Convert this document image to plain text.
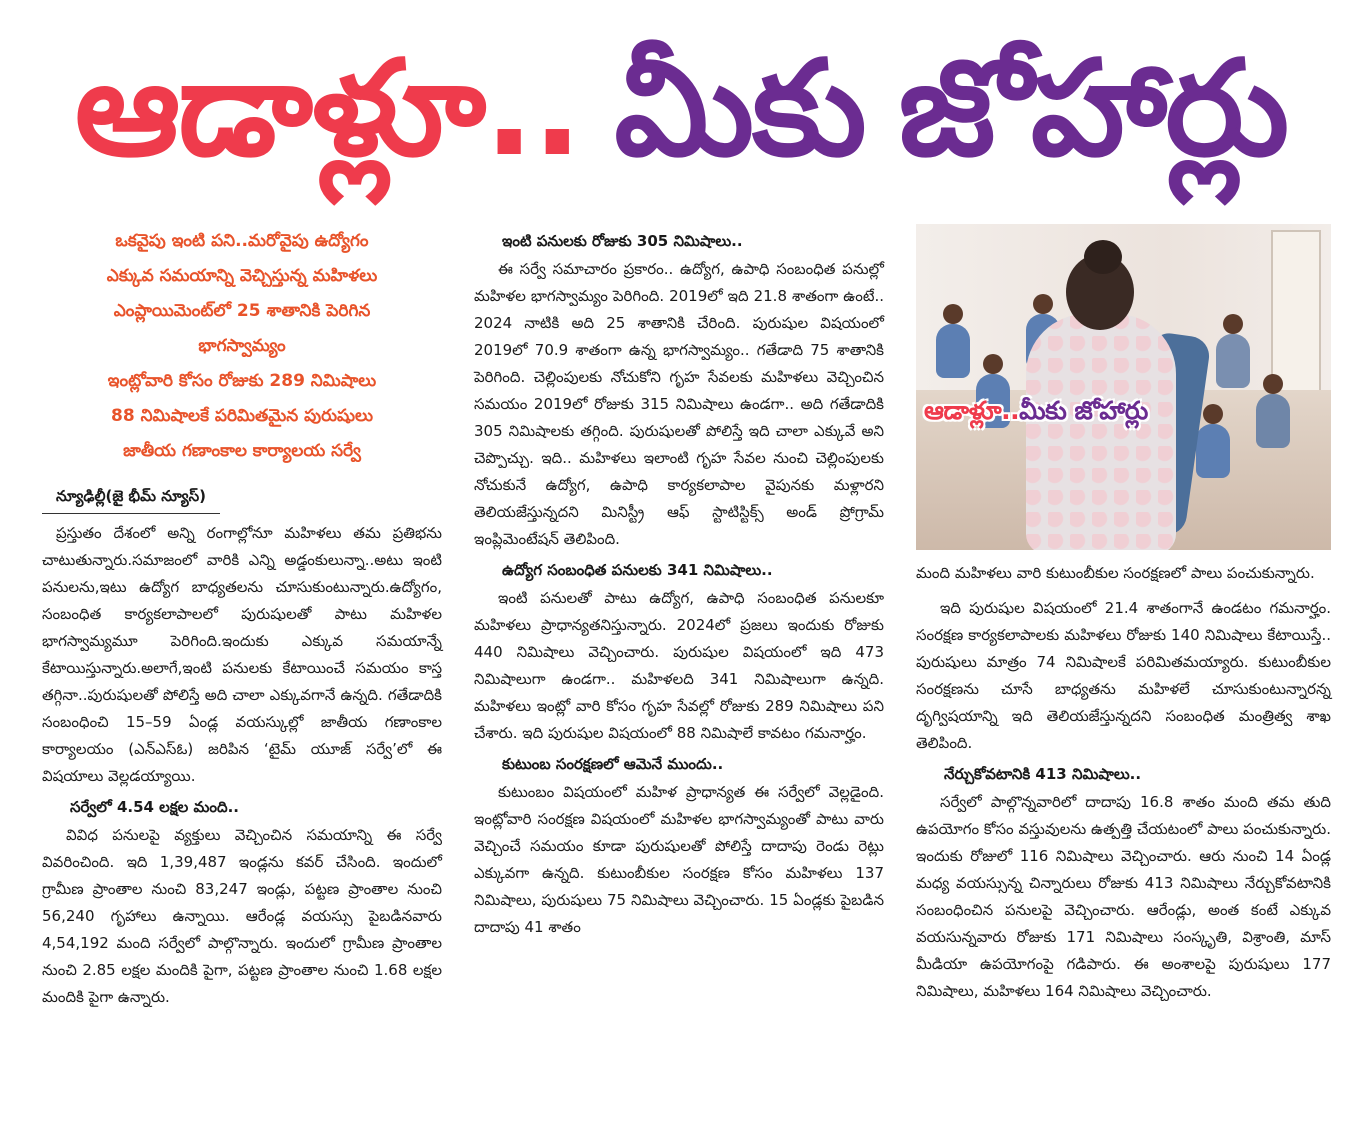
ఆడాళ్లూ.. మీకు జోహార్లు
ఒకవైపు ఇంటి పని..మరోవైపు ఉద్యోగం
ఎక్కువ సమయాన్ని వెచ్చిస్తున్న మహిళలు
ఎంప్లాయిమెంట్‌లో 25 శాతానికి పెరిగిన
భాగస్వామ్యం
ఇంట్లోవారి కోసం రోజుకు 289 నిమిషాలు
88 నిమిషాలకే పరిమితమైన పురుషులు
జాతీయ గణాంకాల కార్యాలయ సర్వే
న్యూఢిల్లీ(జై భీమ్ న్యూస్)

ప్రస్తుతం దేశంలో అన్ని రంగాల్లోనూ మహిళలు తమ ప్రతిభను చాటుతున్నారు.సమాజంలో వారికి ఎన్ని అడ్డంకులున్నా..అటు ఇంటి పనులను,ఇటు ఉద్యోగ బాధ్యతలను చూసుకుంటున్నారు.ఉద్యోగం, సంబంధిత కార్యకలాపాలలో పురుషులతో పాటు మహిళల భాగస్వామ్యమూ పెరిగింది.ఇందుకు ఎక్కువ సమయాన్నే కేటాయిస్తున్నారు.అలాగే,ఇంటి పనులకు కేటాయించే సమయం కాస్త తగ్గినా..పురుషులతో పోలిస్తే అది చాలా ఎక్కువగానే ఉన్నది. గతేడాదికి సంబంధించి 15–59 ఏండ్ల వయస్కుల్లో జాతీయ గణాంకాల కార్యాలయం (ఎన్ఎస్ఓ) జరిపిన ‘టైమ్ యూజ్ సర్వే’లో ఈ విషయాలు వెల్లడయ్యాయి.

సర్వేలో 4.54 లక్షల మంది..

వివిధ పనులపై వ్యక్తులు వెచ్చించిన సమయాన్ని ఈ సర్వే వివరించింది. ఇది 1,39,487 ఇండ్లను కవర్ చేసింది. ఇందులో గ్రామీణ ప్రాంతాల నుంచి 83,247 ఇండ్లు, పట్టణ ప్రాంతాల నుంచి 56,240 గృహాలు ఉన్నాయి. ఆరేండ్ల వయస్సు పైబడినవారు 4,54,192 మంది సర్వేలో పాల్గొన్నారు. ఇందులో గ్రామీణ ప్రాంతాల నుంచి 2.85 లక్షల మందికి పైగా, పట్టణ ప్రాంతాల నుంచి 1.68 లక్షల మందికి పైగా ఉన్నారు.

ఇంటి పనులకు రోజుకు 305 నిమిషాలు..

ఈ సర్వే సమాచారం ప్రకారం.. ఉద్యోగ, ఉపాధి సంబంధిత పనుల్లో మహిళల భాగస్వామ్యం పెరిగింది. 2019లో ఇది 21.8 శాతంగా ఉంటే.. 2024 నాటికి అది 25 శాతానికి చేరింది. పురుషుల విషయంలో 2019లో 70.9 శాతంగా ఉన్న భాగస్వామ్యం.. గతేడాది 75 శాతానికి పెరిగింది. చెల్లింపులకు నోచుకోని గృహ సేవలకు మహిళలు వెచ్చించిన సమయం 2019లో రోజుకు 315 నిమిషాలు ఉండగా.. అది గతేడాదికి 305 నిమిషాలకు తగ్గింది. పురుషులతో పోలిస్తే ఇది చాలా ఎక్కువే అని చెప్పొచ్చు. ఇది.. మహిళలు ఇలాంటి గృహ సేవల నుంచి చెల్లింపులకు నోచుకునే ఉద్యోగ, ఉపాధి కార్యకలాపాల వైపునకు మళ్లారని తెలియజేస్తున్నదని మినిస్ట్రీ ఆఫ్ స్టాటిస్టిక్స్ అండ్ ప్రోగ్రామ్ ఇంప్లిమెంటేషన్ తెలిపింది.

ఉద్యోగ సంబంధిత పనులకు 341 నిమిషాలు..

ఇంటి పనులతో పాటు ఉద్యోగ, ఉపాధి సంబంధిత పనులకూ మహిళలు ప్రాధాన్యతనిస్తున్నారు. 2024లో ప్రజలు ఇందుకు రోజుకు 440 నిమిషాలు వెచ్చించారు. పురుషుల విషయంలో ఇది 473 నిమిషాలుగా ఉండగా.. మహిళలది 341 నిమిషాలుగా ఉన్నది. మహిళలు ఇంట్లో వారి కోసం గృహ సేవల్లో రోజుకు 289 నిమిషాలు పని చేశారు. ఇది పురుషుల విషయంలో 88 నిమిషాలే కావటం గమనార్హం.

కుటుంబ సంరక్షణలో ఆమెనే ముందు..

కుటుంబం విషయంలో మహిళ ప్రాధాన్యత ఈ సర్వేలో వెల్లడైంది. ఇంట్లోవారి సంరక్షణ విషయంలో మహిళల భాగస్వామ్యంతో పాటు వారు వెచ్చించే సమయం కూడా పురుషులతో పోలిస్తే దాదాపు రెండు రెట్లు ఎక్కువగా ఉన్నది. కుటుంబీకుల సంరక్షణ కోసం మహిళలు 137 నిమిషాలు, పురుషులు 75 నిమిషాలు వెచ్చించారు. 15 ఏండ్లకు పైబడిన దాదాపు 41 శాతం

ఆడాళ్లూ..మీకు జోహార్లు

మంది మహిళలు వారి కుటుంబీకుల సంరక్షణలో పాలు పంచుకున్నారు.

ఇది పురుషుల విషయంలో 21.4 శాతంగానే ఉండటం గమనార్హం. సంరక్షణ కార్యకలాపాలకు మహిళలు రోజుకు 140 నిమిషాలు కేటాయిస్తే.. పురుషులు మాత్రం 74 నిమిషాలకే పరిమితమయ్యారు. కుటుంబీకుల సంరక్షణను చూసే బాధ్యతను మహిళలే చూసుకుంటున్నారన్న దృగ్విషయాన్ని ఇది తెలియజేస్తున్నదని సంబంధిత మంత్రిత్వ శాఖ తెలిపింది.

నేర్చుకోవటానికి 413 నిమిషాలు..

సర్వేలో పాల్గొన్నవారిలో దాదాపు 16.8 శాతం మంది తమ తుది ఉపయోగం కోసం వస్తువులను ఉత్పత్తి చేయటంలో పాలు పంచుకున్నారు. ఇందుకు రోజులో 116 నిమిషాలు వెచ్చించారు. ఆరు నుంచి 14 ఏండ్ల మధ్య వయస్సున్న చిన్నారులు రోజుకు 413 నిమిషాలు నేర్చుకోవటానికి సంబంధించిన పనులపై వెచ్చించారు. ఆరేండ్లు, అంత కంటే ఎక్కువ వయసున్నవారు రోజుకు 171 నిమిషాలు సంస్కృతి, విశ్రాంతి, మాస్ మీడియా ఉపయోగంపై గడిపారు. ఈ అంశాలపై పురుషులు 177 నిమిషాలు, మహిళలు 164 నిమిషాలు వెచ్చించారు.
